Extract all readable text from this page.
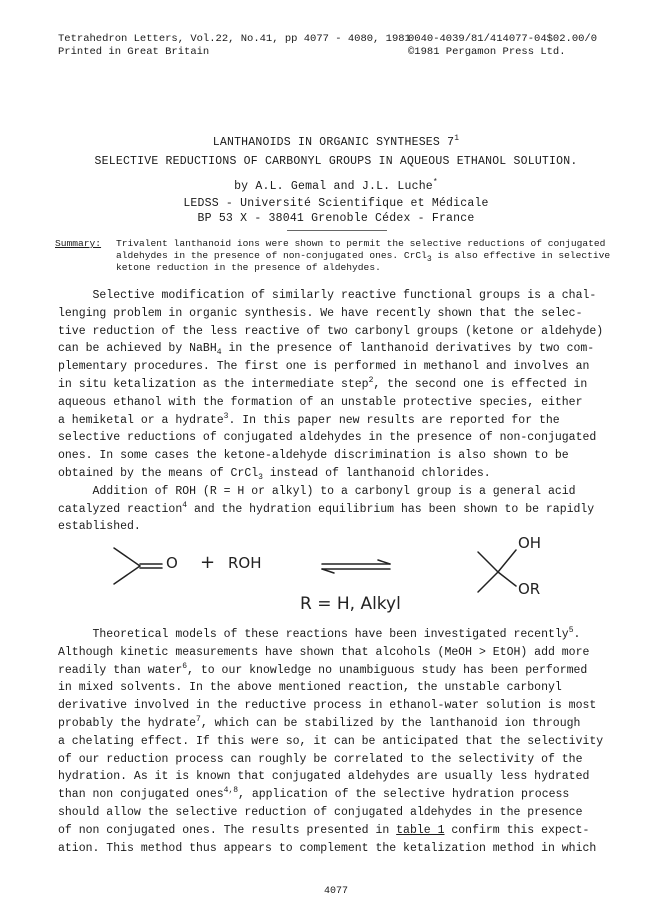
Tetrahedron Letters, Vol.22, No.41, pp 4077 - 4080, 1981
Printed in Great Britain
0040-4039/81/414077-04$02.00/0
©1981 Pergamon Press Ltd.
LANTHANOIDS IN ORGANIC SYNTHESES $7^1$
SELECTIVE REDUCTIONS OF CARBONYL GROUPS IN AQUEOUS ETHANOL SOLUTION.
by A.L. Gemal and J.L. Luche*
LEDSS - Université Scientifique et Médicale
BP 53 X - 38041 Grenoble Cédex - France
Summary: Trivalent lanthanoid ions were shown to permit the selective reductions of conjugated
aldehydes in the presence of non-conjugated ones. CrCl$_3$ is also effective in selective
ketone reduction in the presence of aldehydes.
Selective modification of similarly reactive functional groups is a chal-
lenging problem in organic synthesis. We have recently shown that the selec-
tive reduction of the less reactive of two carbonyl groups (ketone or aldehyde)
can be achieved by NaBH$_4$ in the presence of lanthanoid derivatives by two com-
plementary procedures. The first one is performed in methanol and involves an
in situ ketalization as the intermediate step$^2$, the second one is effected in
aqueous ethanol with the formation of an unstable protective species, either
a hemiketal or a hydrate$^3$. In this paper new results are reported for the
selective reductions of conjugated aldehydes in the presence of non-conjugated
ones. In some cases the ketone-aldehyde discrimination is also shown to be
obtained by the means of CrCl$_3$ instead of lanthanoid chlorides.
Addition of ROH (R = H or alkyl) to a carbonyl group is a general acid
catalyzed reaction$^4$ and the hydration equilibrium has been shown to be rapidly
established.
O + ROH
OH
OR
R = H, Alkyl
Theoretical models of these reactions have been investigated recently$^5$.
Although kinetic measurements have shown that alcohols (MeOH > EtOH) add more
readily than water$^6$, to our knowledge no unambiguous study has been performed
in mixed solvents. In the above mentioned reaction, the unstable carbonyl
derivative involved in the reductive process in ethanol-water solution is most
probably the hydrate$^7$, which can be stabilized by the lanthanoid ion through
a chelating effect. If this were so, it can be anticipated that the selectivity
of our reduction process can roughly be correlated to the selectivity of the
hydration. As it is known that conjugated aldehydes are usually less hydrated
than non conjugated ones$^{4,8}$, application of the selective hydration process
should allow the selective reduction of conjugated aldehydes in the presence
of non conjugated ones. The results presented in table 1 confirm this expect-
ation. This method thus appears to complement the ketalization method in which
4077
